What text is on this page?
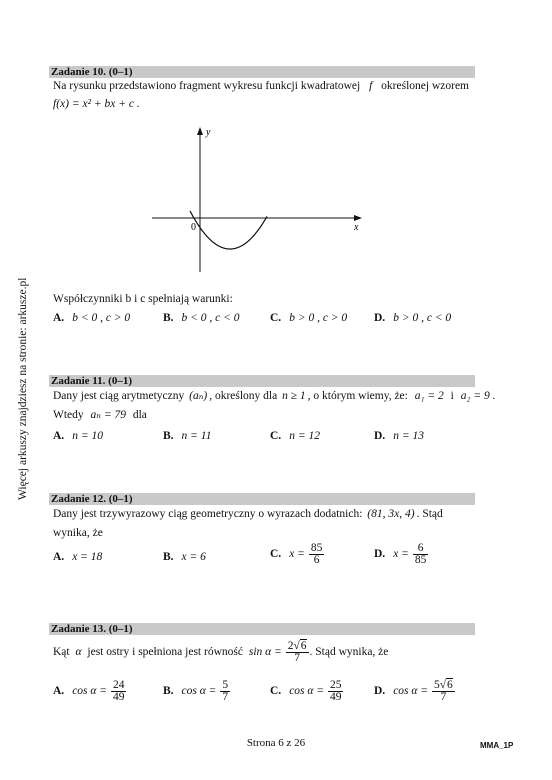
Więcej arkuszy znajdziesz na stronie: arkusze.pl
Zadanie 10. (0–1)
Na rysunku przedstawiono fragment wykresu funkcji kwadratowej f określonej wzorem
f(x) = x² + bx + c .
y
x
0
Współczynniki b i c spełniają warunki:
A. b < 0 , c > 0	B. b < 0 , c < 0	C. b > 0 , c > 0 D. b > 0 , c < 0
Zadanie 11. (0–1)
Dany jest ciąg arytmetyczny (aₙ) , określony dla n ≥ 1 , o którym wiemy, że: a₁ = 2 i a₂ = 9 .
Wtedy aₙ = 79 dla
A. n = 10	B. n = 11	C. n = 12	D. n = 13
Zadanie 12. (0–1)
Dany jest trzywyrazowy ciąg geometryczny o wyrazach dodatnich: (81, 3x, 4) . Stąd
wynika, że
A. x = 18	B. x = 6	C. $x = \frac{85}{6}$	D. $x = \frac{6}{85}$
Zadanie 13. (0–1)
Kąt α jest ostry i spełniona jest równość $\sin \alpha = \frac{2√6}{7}$ . Stąd wynika, że
A. $\cos \alpha = \frac{24}{49}$	B. $\cos \alpha = \frac{5}{7}$	C. $\cos \alpha = \frac{25}{49}$	D. $\cos \alpha = \frac{5√6}{7}$
Strona 6 z 26	MMA_1P
